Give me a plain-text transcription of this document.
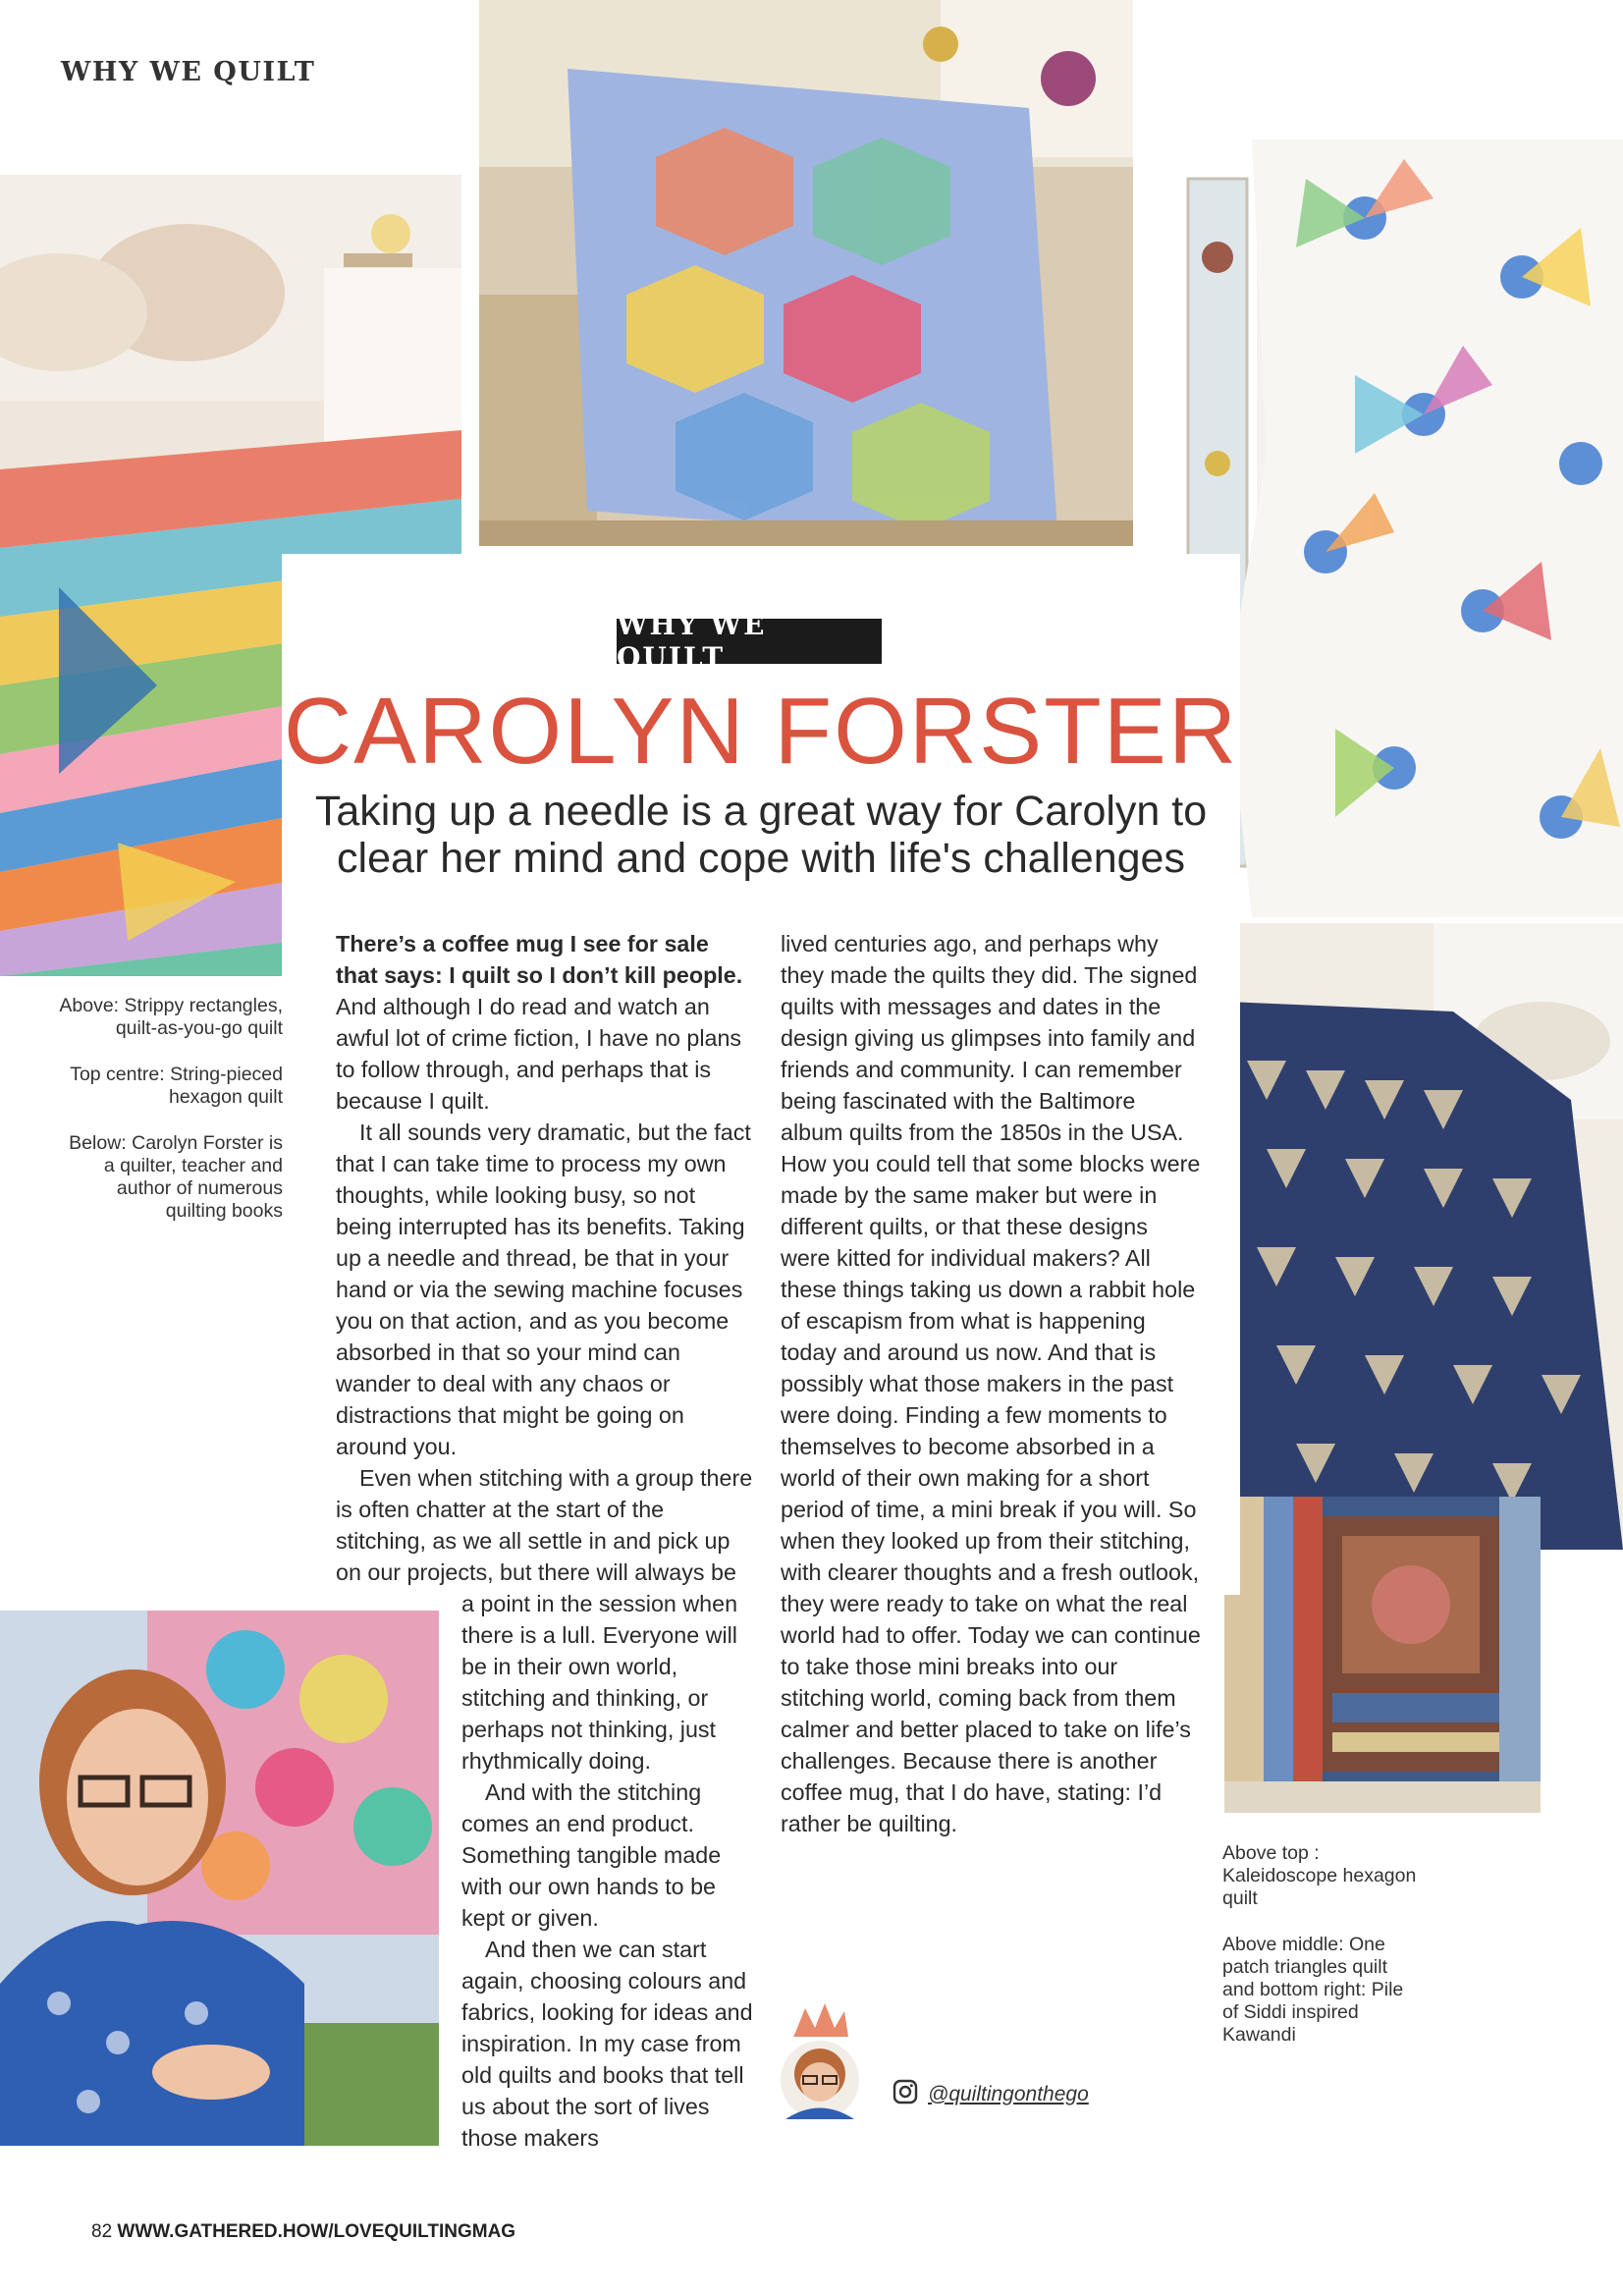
WHY WE QUILT
WHY WE QUILT
CAROLYN FORSTER
Taking up a needle is a great way for Carolyn to
clear her mind and cope with life's challenges

There’s a coffee mug I see for sale that says: I quilt so I don’t kill people. And although I do read and watch an awful lot of crime fiction, I have no plans to follow through, and perhaps that is because I quilt.

It all sounds very dramatic, but the fact that I can take time to process my own thoughts, while looking busy, so not being interrupted has its benefits. Taking up a needle and thread, be that in your hand or via the sewing machine focuses you on that action, and as you become absorbed in that so your mind can wander to deal with any chaos or distractions that might be going on around you.

Even when stitching with a group there is often chatter at the start of the stitching, as we all settle in and pick up on our projects, but there will always be

a point in the session when there is a lull. Everyone will be in their own world, stitching and thinking, or perhaps not thinking, just rhythmically doing.

And with the stitching comes an end product. Something tangible made with our own hands to be kept or given.

And then we can start again, choosing colours and fabrics, looking for ideas and inspiration. In my case from old quilts and books that tell us about the sort of lives those makers

lived centuries ago, and perhaps why they made the quilts they did. The signed quilts with messages and dates in the design giving us glimpses into family and friends and community. I can remember being fascinated with the Baltimore album quilts from the 1850s in the USA. How you could tell that some blocks were made by the same maker but were in different quilts, or that these designs were kitted for individual makers? All these things taking us down a rabbit hole of escapism from what is happening today and around us now. And that is possibly what those makers in the past were doing. Finding a few moments to themselves to become absorbed in a world of their own making for a short period of time, a mini break if you will. So when they looked up from their stitching, with clearer thoughts and a fresh outlook, they were ready to take on what the real world had to offer. Today we can continue to take those mini breaks into our stitching world, coming back from them calmer and better placed to take on life’s challenges. Because there is another coffee mug, that I do have, stating: I’d rather be quilting.

Above: Strippy rectangles, quilt-as-you-go quilt

Top centre: String-pieced hexagon quilt

Below: Carolyn Forster is a quilter, teacher and author of numerous quilting books

Above top : Kaleidoscope hexagon quilt

Above middle: One patch triangles quilt and bottom right: Pile of Siddi inspired Kawandi

@quiltingonthego
82 WWW.GATHERED.HOW/LOVEQUILTINGMAG
